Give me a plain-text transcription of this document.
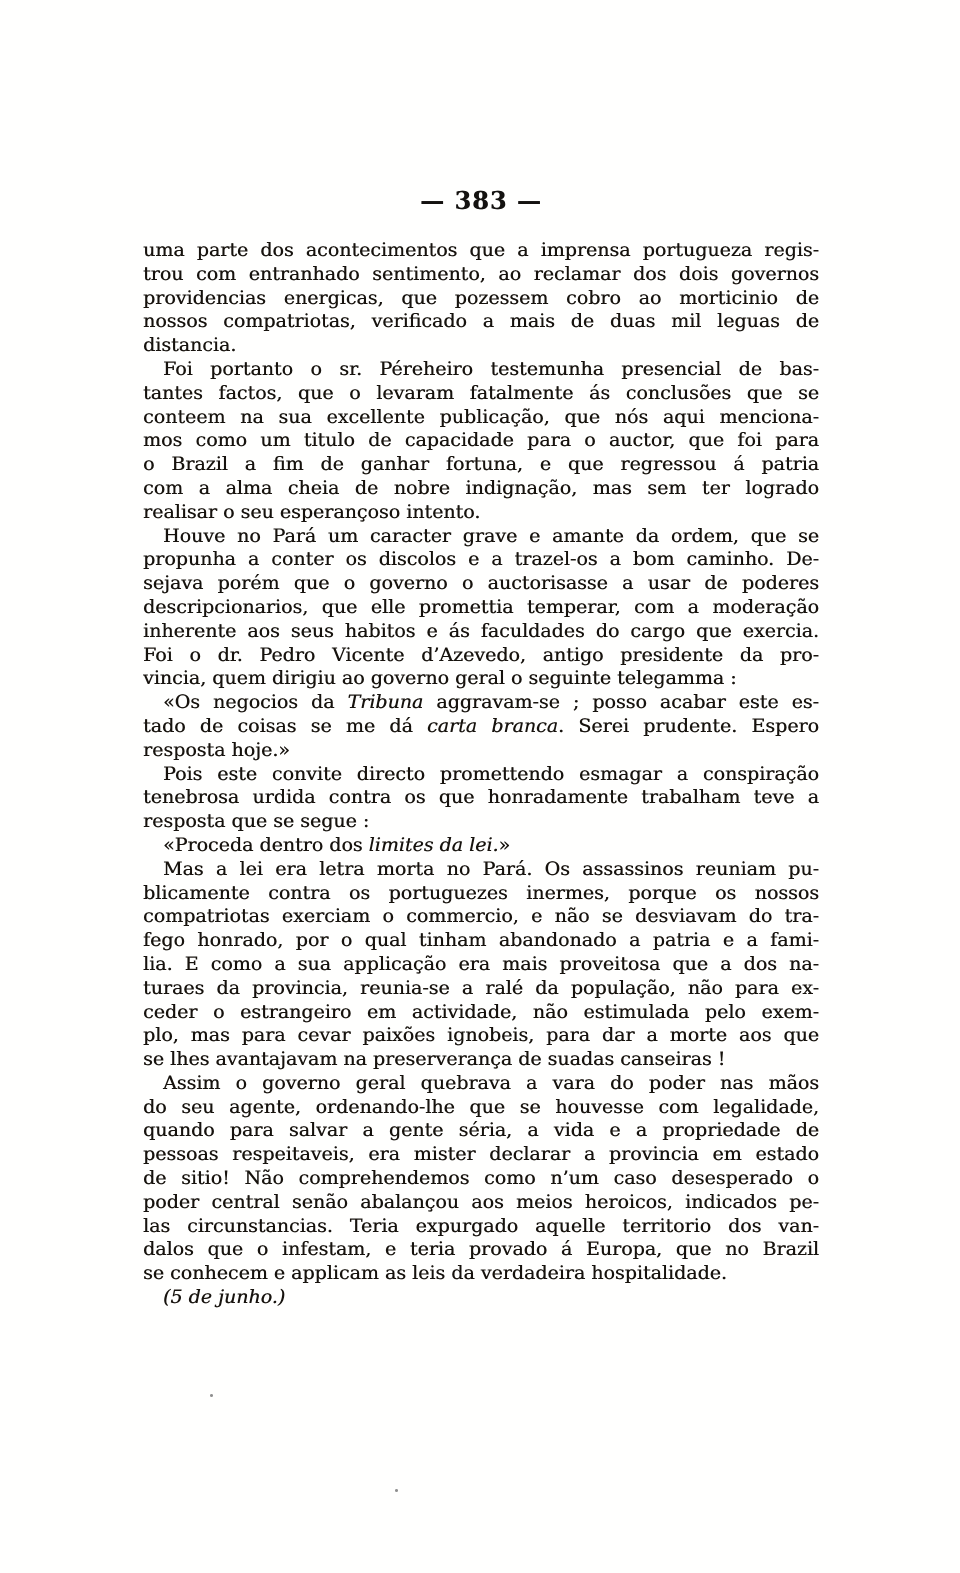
— 383 —
uma parte dos acontecimentos que a imprensa portugueza regis-
trou com entranhado sentimento, ao reclamar dos dois governos
providencias energicas, que pozessem cobro ao morticinio de
nossos compatriotas, verificado a mais de duas mil leguas de
distancia.
Foi portanto o sr. Péreheiro testemunha presencial de bas-
tantes factos, que o levaram fatalmente ás conclusões que se
conteem na sua excellente publicação, que nós aqui menciona-
mos como um titulo de capacidade para o auctor, que foi para
o Brazil a fim de ganhar fortuna, e que regressou á patria
com a alma cheia de nobre indignação, mas sem ter logrado
realisar o seu esperançoso intento.
Houve no Pará um caracter grave e amante da ordem, que se
propunha a conter os discolos e a trazel-os a bom caminho. De-
sejava porém que o governo o auctorisasse a usar de poderes
descripcionarios, que elle promettia temperar, com a moderação
inherente aos seus habitos e ás faculdades do cargo que exercia.
Foi o dr. Pedro Vicente d’Azevedo, antigo presidente da pro-
vincia, quem dirigiu ao governo geral o seguinte telegamma :
«Os negocios da Tribuna aggravam-se ; posso acabar este es-
tado de coisas se me dá carta branca. Serei prudente. Espero
resposta hoje.»
Pois este convite directo promettendo esmagar a conspiração
tenebrosa urdida contra os que honradamente trabalham teve a
resposta que se segue :
«Proceda dentro dos limites da lei.»
Mas a lei era letra morta no Pará. Os assassinos reuniam pu-
blicamente contra os portuguezes inermes, porque os nossos
compatriotas exerciam o commercio, e não se desviavam do tra-
fego honrado, por o qual tinham abandonado a patria e a fami-
lia. E como a sua applicação era mais proveitosa que a dos na-
turaes da provincia, reunia-se a ralé da população, não para ex-
ceder o estrangeiro em actividade, não estimulada pelo exem-
plo, mas para cevar paixões ignobeis, para dar a morte aos que
se lhes avantajavam na preserverança de suadas canseiras !
Assim o governo geral quebrava a vara do poder nas mãos
do seu agente, ordenando-lhe que se houvesse com legalidade,
quando para salvar a gente séria, a vida e a propriedade de
pessoas respeitaveis, era mister declarar a provincia em estado
de sitio! Não comprehendemos como n’um caso desesperado o
poder central senão abalançou aos meios heroicos, indicados pe-
las circunstancias. Teria expurgado aquelle territorio dos van-
dalos que o infestam, e teria provado á Europa, que no Brazil
se conhecem e applicam as leis da verdadeira hospitalidade.
(5 de junho.)
